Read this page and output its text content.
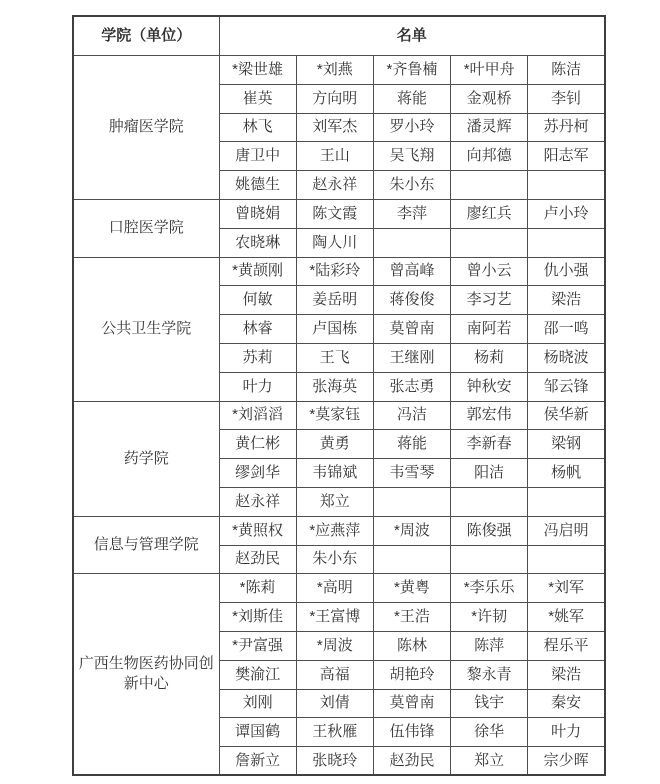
学院（单位）	名单				
肿瘤医学院	*梁世雄	*刘燕	*齐鲁楠	*叶甲舟	陈洁
	崔英	方向明	蒋能	金观桥	李钊
	林飞	刘军杰	罗小玲	潘灵辉	苏丹柯
	唐卫中	王山	吴飞翔	向邦德	阳志军
	姚德生	赵永祥	朱小东		
口腔医学院	曾晓娟	陈文霞	李萍	廖红兵	卢小玲
	农晓琳	陶人川			
公共卫生学院	*黄颉刚	*陆彩玲	曾高峰	曾小云	仇小强
	何敏	姜岳明	蒋俊俊	李习艺	梁浩
	林睿	卢国栋	莫曾南	南阿若	邵一鸣
	苏莉	王飞	王继刚	杨莉	杨晓波
	叶力	张海英	张志勇	钟秋安	邹云锋
药学院	*刘滔滔	*莫家钰	冯洁	郭宏伟	侯华新
	黄仁彬	黄勇	蒋能	李新春	梁钢
	缪剑华	韦锦斌	韦雪琴	阳洁	杨帆
	赵永祥	郑立			
信息与管理学院	*黄照权	*应燕萍	*周波	陈俊强	冯启明
	赵劲民	朱小东			
广西生物医药协同创新中心	*陈莉	*高明	*黄粤	*李乐乐	*刘军
	*刘斯佳	*王富博	*王浩	*许韧	*姚军
	*尹富强	*周波	陈林	陈萍	程乐平
	樊渝江	高福	胡艳玲	黎永青	梁浩
	刘刚	刘倩	莫曾南	钱宇	秦安
	谭国鹤	王秋雁	伍伟锋	徐华	叶力
	詹新立	张晓玲	赵劲民	郑立	宗少晖
